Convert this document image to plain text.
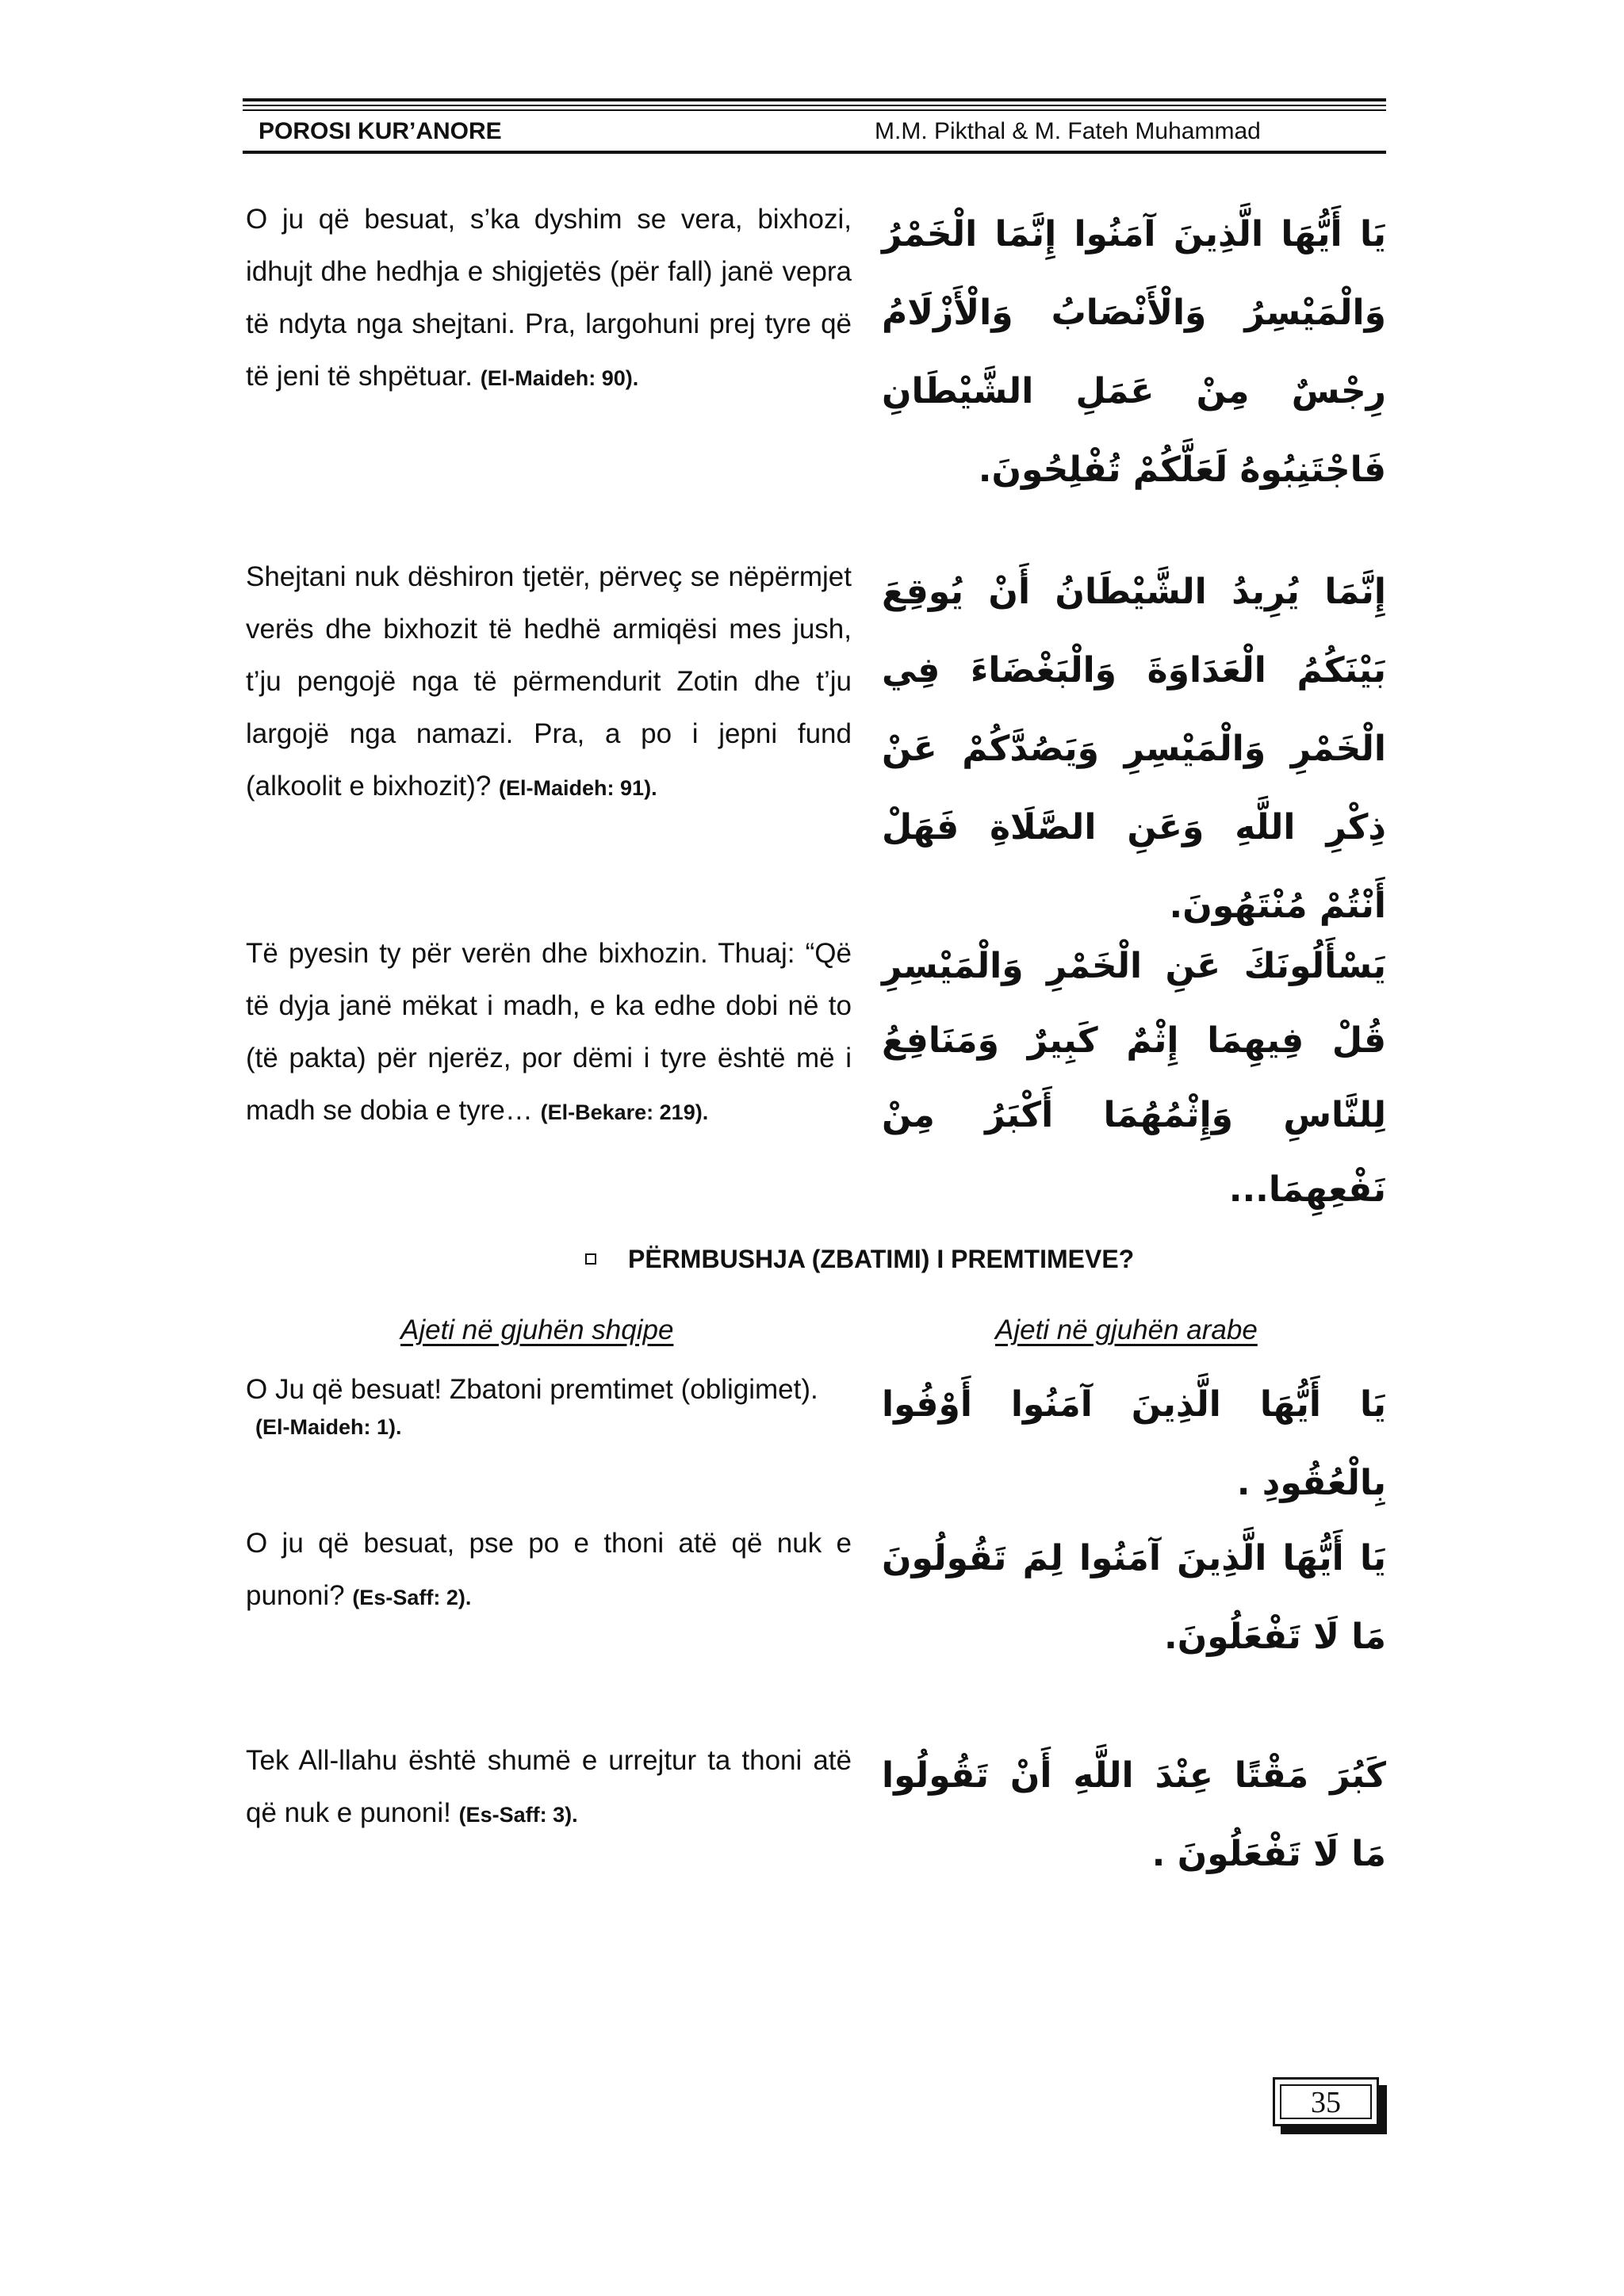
POROSI KUR’ANORE	M.M. Pikthal & M. Fateh Muhammad
O ju që besuat, s’ka dyshim se vera, bixhozi, idhujt dhe hedhja e shigjetës (për fall) janë vepra të ndyta nga shejtani. Pra, largohuni prej tyre që të jeni të shpëtuar. (El-Maideh: 90).
يَا أَيُّهَا الَّذِينَ آمَنُوا إِنَّمَا الْخَمْرُ وَالْمَيْسِرُ وَالْأَنْصَابُ وَالْأَزْلَامُ رِجْسٌ مِنْ عَمَلِ الشَّيْطَانِ فَاجْتَنِبُوهُ لَعَلَّكُمْ تُفْلِحُونَ.
Shejtani nuk dëshiron tjetër, përveç se nëpërmjet verës dhe bixhozit të hedhë armiqësi mes jush, t’ju pengojë nga të përmendurit Zotin dhe t’ju largojë nga namazi. Pra, a po i jepni fund (alkoolit e bixhozit)? (El-Maideh: 91).
إِنَّمَا يُرِيدُ الشَّيْطَانُ أَنْ يُوقِعَ بَيْنَكُمُ الْعَدَاوَةَ وَالْبَغْضَاءَ فِي الْخَمْرِ وَالْمَيْسِرِ وَيَصُدَّكُمْ عَنْ ذِكْرِ اللَّهِ وَعَنِ الصَّلَاةِ فَهَلْ أَنْتُمْ مُنْتَهُونَ.
Të pyesin ty për verën dhe bixhozin. Thuaj: “Që të dyja janë mëkat i madh, e ka edhe dobi në to (të pakta) për njerëz, por dëmi i tyre është më i madh se dobia e tyre… (El-Bekare: 219).
يَسْأَلُونَكَ عَنِ الْخَمْرِ وَالْمَيْسِرِ قُلْ فِيهِمَا إِثْمٌ كَبِيرٌ وَمَنَافِعُ لِلنَّاسِ وَإِثْمُهُمَا أَكْبَرُ مِنْ نَفْعِهِمَا...
PËRMBUSHJA (ZBATIMI) I PREMTIMEVE?
Ajeti në gjuhën shqipe	Ajeti në gjuhën arabe
O Ju që besuat! Zbatoni premtimet (obligimet).
(El-Maideh: 1).
يَا أَيُّهَا الَّذِينَ آمَنُوا أَوْفُوا بِالْعُقُودِ .
O ju që besuat, pse po e thoni atë që nuk e punoni? (Es-Saff: 2).
يَا أَيُّهَا الَّذِينَ آمَنُوا لِمَ تَقُولُونَ مَا لَا تَفْعَلُونَ.
Tek All-llahu është shumë e urrejtur ta thoni atë që nuk e punoni! (Es-Saff: 3).
كَبُرَ مَقْتًا عِنْدَ اللَّهِ أَنْ تَقُولُوا مَا لَا تَفْعَلُونَ .
35
